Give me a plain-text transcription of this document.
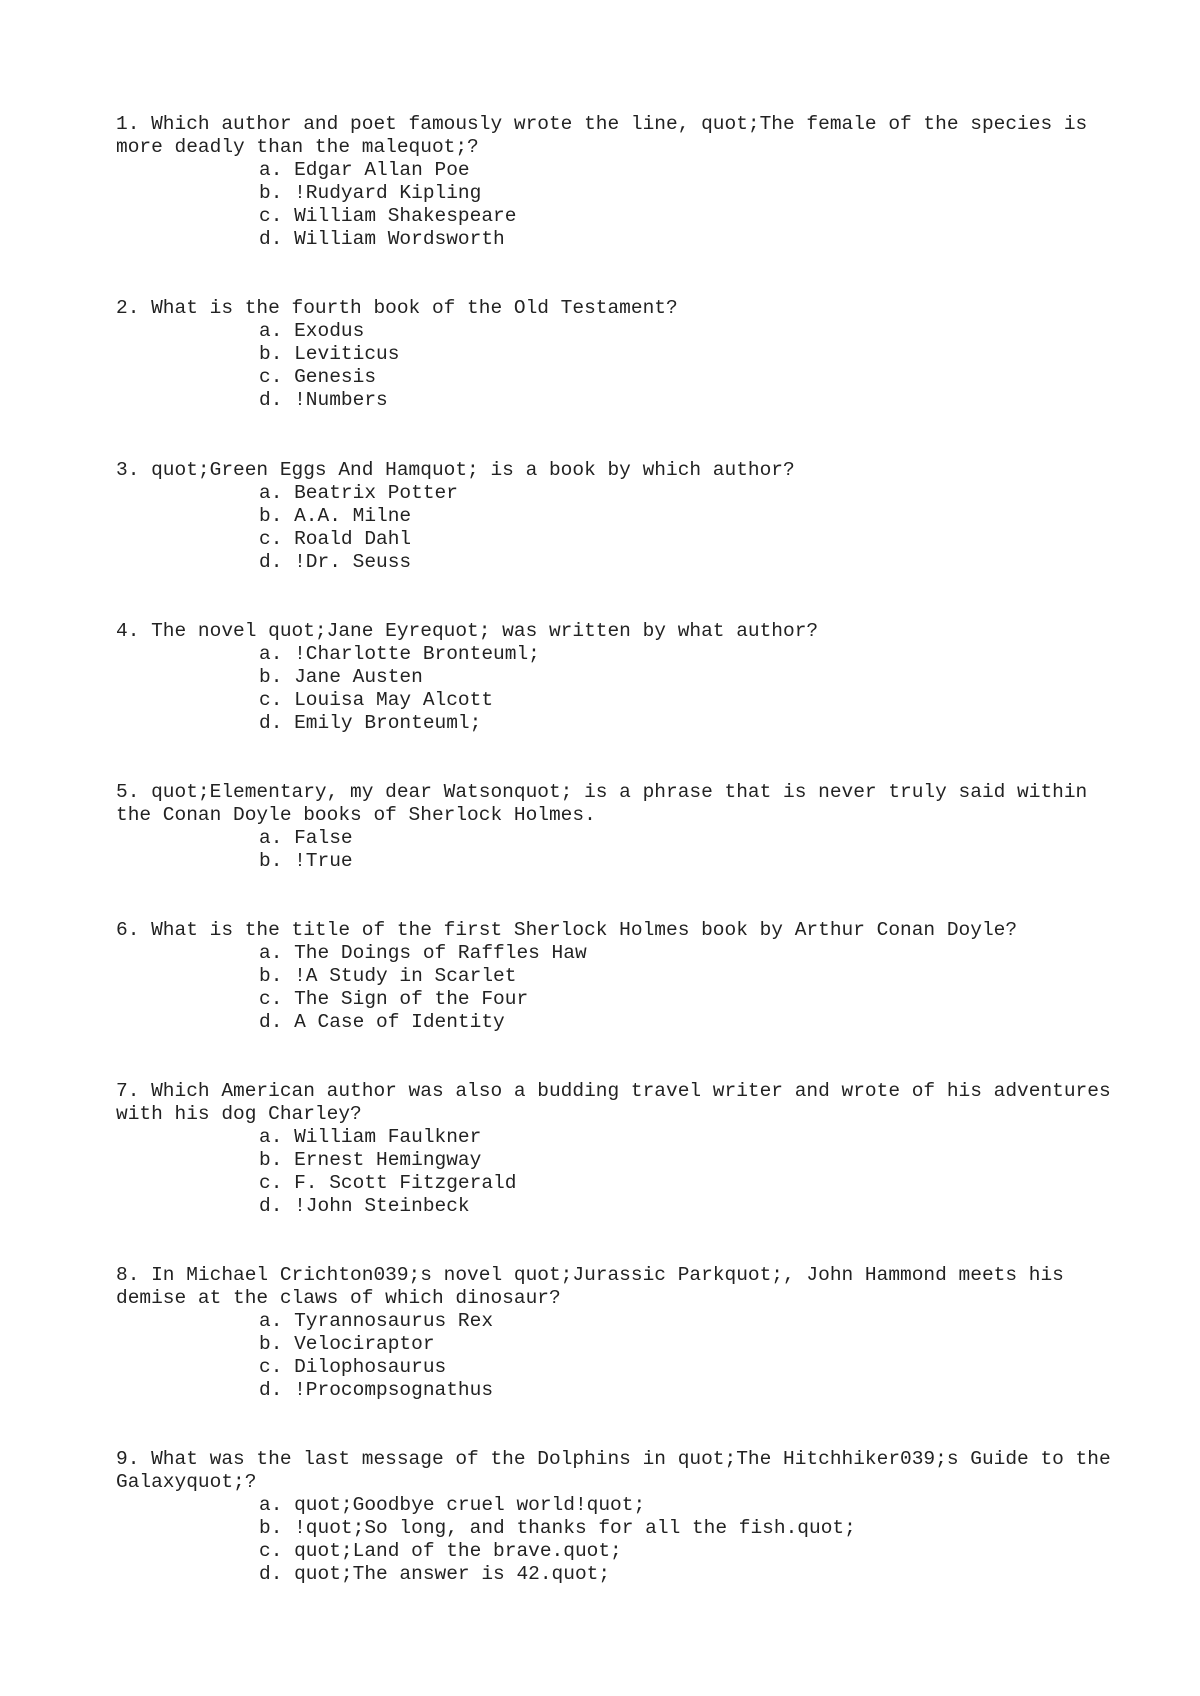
1. Which author and poet famously wrote the line, quot;The female of the species is more deadly than the malequot;?
a. Edgar Allan Poe
b. !Rudyard Kipling
c. William Shakespeare
d. William Wordsworth
2. What is the fourth book of the Old Testament?
a. Exodus
b. Leviticus
c. Genesis
d. !Numbers
3. quot;Green Eggs And Hamquot; is a book by which author?
a. Beatrix Potter
b. A.A. Milne
c. Roald Dahl
d. !Dr. Seuss
4. The novel quot;Jane Eyrequot; was written by what author?
a. !Charlotte Bronteuml;
b. Jane Austen
c. Louisa May Alcott
d. Emily Bronteuml;
5. quot;Elementary, my dear Watsonquot; is a phrase that is never truly said within the Conan Doyle books of Sherlock Holmes.
a. False
b. !True
6. What is the title of the first Sherlock Holmes book by Arthur Conan Doyle?
a. The Doings of Raffles Haw
b. !A Study in Scarlet
c. The Sign of the Four
d. A Case of Identity
7. Which American author was also a budding travel writer and wrote of his adventures with his dog Charley?
a. William Faulkner
b. Ernest Hemingway
c. F. Scott Fitzgerald
d. !John Steinbeck
8. In Michael Crichton039;s novel quot;Jurassic Parkquot;, John Hammond meets his demise at the claws of which dinosaur?
a. Tyrannosaurus Rex
b. Velociraptor
c. Dilophosaurus
d. !Procompsognathus
9. What was the last message of the Dolphins in quot;The Hitchhiker039;s Guide to the Galaxyquot;?
a. quot;Goodbye cruel world!quot;
b. !quot;So long, and thanks for all the fish.quot;
c. quot;Land of the brave.quot;
d. quot;The answer is 42.quot;
